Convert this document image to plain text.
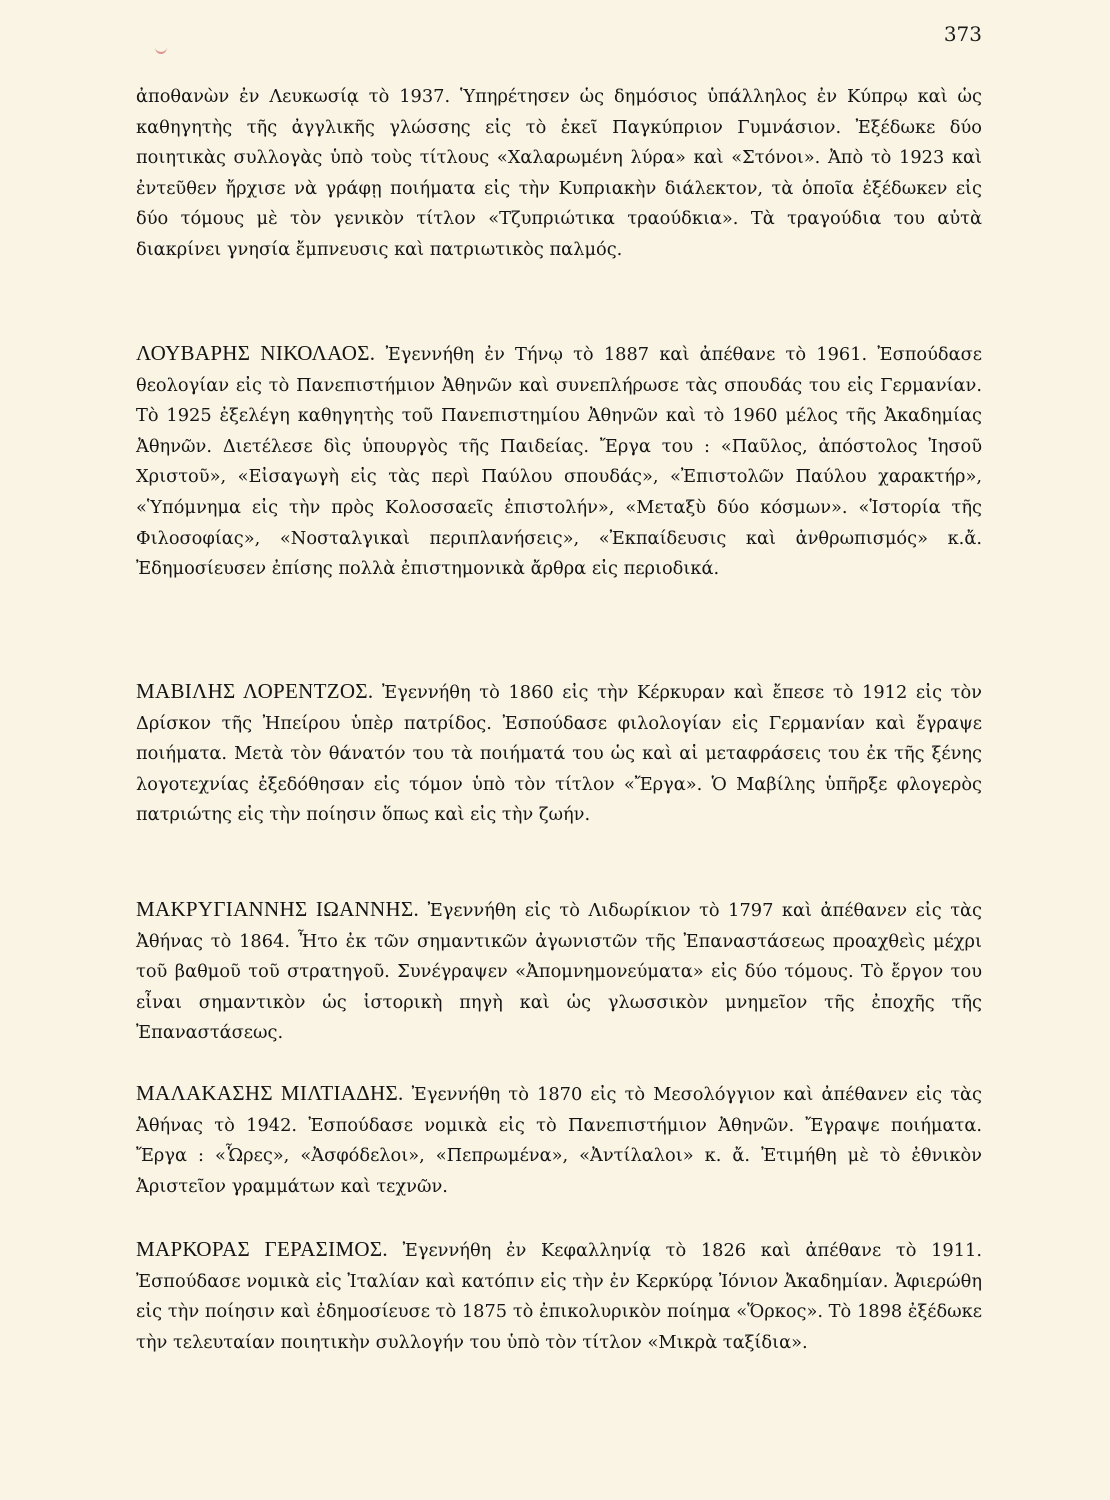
373
ἀποθανὼν ἐν Λευκωσίᾳ τὸ 1937. Ὑπηρέτησεν ὡς δημόσιος ὑπάλληλος ἐν Κύπρῳ καὶ ὡς καθηγητὴς τῆς ἀγγλικῆς γλώσσης εἰς τὸ ἐκεῖ Παγκύπριον Γυμνάσιον. Ἐξέδωκε δύο ποιητικὰς συλλογὰς ὑπὸ τοὺς τίτλους «Χαλαρωμένη λύρα» καὶ «Στόνοι». Ἀπὸ τὸ 1923 καὶ ἐντεῦθεν ἤρχισε νὰ γράφῃ ποιήματα εἰς τὴν Κυπριακὴν διάλεκτον, τὰ ὁποῖα ἐξέδωκεν εἰς δύο τόμους μὲ τὸν γενικὸν τίτλον «Τζυπριώτικα τραούδκια». Τὰ τραγούδια του αὐτὰ διακρίνει γνησία ἔμπνευσις καὶ πατριωτικὸς παλμός.
ΛΟΥΒΑΡΗΣ ΝΙΚΟΛΑΟΣ. Ἐγεννήθη ἐν Τήνῳ τὸ 1887 καὶ ἀπέθανε τὸ 1961. Ἐσπούδασε θεολογίαν εἰς τὸ Πανεπιστήμιον Ἀθηνῶν καὶ συνεπλήρωσε τὰς σπουδάς του εἰς Γερμανίαν. Τὸ 1925 ἐξελέγη καθηγητὴς τοῦ Πανεπιστημίου Ἀθηνῶν καὶ τὸ 1960 μέλος τῆς Ἀκαδημίας Ἀθηνῶν. Διετέλεσε δὶς ὑπουργὸς τῆς Παιδείας. Ἔργα του : «Παῦλος, ἀπόστολος Ἰησοῦ Χριστοῦ», «Εἰσαγωγὴ εἰς τὰς περὶ Παύλου σπουδάς», «Ἐπιστολῶν Παύλου χαρακτήρ», «Ὑπόμνημα εἰς τὴν πρὸς Κολοσσαεῖς ἐπιστολήν», «Μεταξὺ δύο κόσμων». «Ἱστορία τῆς Φιλοσοφίας», «Νοσταλγικαὶ περιπλανήσεις», «Ἐκπαίδευσις καὶ ἀνθρωπισμός» κ.ἄ. Ἐδημοσίευσεν ἐπίσης πολλὰ ἐπιστημονικὰ ἄρθρα εἰς περιοδικά.
ΜΑΒΙΛΗΣ ΛΟΡΕΝΤΖΟΣ. Ἐγεννήθη τὸ 1860 εἰς τὴν Κέρκυραν καὶ ἔπεσε τὸ 1912 εἰς τὸν Δρίσκον τῆς Ἠπείρου ὑπὲρ πατρίδος. Ἐσπούδασε φιλολογίαν εἰς Γερμανίαν καὶ ἔγραψε ποιήματα. Μετὰ τὸν θάνατόν του τὰ ποιήματά του ὡς καὶ αἱ μεταφράσεις του ἐκ τῆς ξένης λογοτεχνίας ἐξεδόθησαν εἰς τόμον ὑπὸ τὸν τίτλον «Ἔργα». Ὁ Μαβίλης ὑπῆρξε φλογερὸς πατριώτης εἰς τὴν ποίησιν ὅπως καὶ εἰς τὴν ζωήν.
ΜΑΚΡΥΓΙΑΝΝΗΣ ΙΩΑΝΝΗΣ. Ἐγεννήθη εἰς τὸ Λιδωρίκιον τὸ 1797 καὶ ἀπέθανεν εἰς τὰς Ἀθήνας τὸ 1864. Ἦτο ἐκ τῶν σημαντικῶν ἀγωνιστῶν τῆς Ἐπαναστάσεως προαχθεὶς μέχρι τοῦ βαθμοῦ τοῦ στρατηγοῦ. Συνέγραψεν «Ἀπομνημονεύματα» εἰς δύο τόμους. Τὸ ἔργον του εἶναι σημαντικὸν ὡς ἱστορικὴ πηγὴ καὶ ὡς γλωσσικὸν μνημεῖον τῆς ἐποχῆς τῆς Ἐπαναστάσεως.
ΜΑΛΑΚΑΣΗΣ ΜΙΛΤΙΑΔΗΣ. Ἐγεννήθη τὸ 1870 εἰς τὸ Μεσολόγγιον καὶ ἀπέθανεν εἰς τὰς Ἀθήνας τὸ 1942. Ἐσπούδασε νομικὰ εἰς τὸ Πανεπιστήμιον Ἀθηνῶν. Ἔγραψε ποιήματα. Ἔργα : «Ὧρες», «Ἀσφόδελοι», «Πεπρωμένα», «Ἀντίλαλοι» κ. ἄ. Ἐτιμήθη μὲ τὸ ἐθνικὸν Ἀριστεῖον γραμμάτων καὶ τεχνῶν.
ΜΑΡΚΟΡΑΣ ΓΕΡΑΣΙΜΟΣ. Ἐγεννήθη ἐν Κεφαλληνίᾳ τὸ 1826 καὶ ἀπέθανε τὸ 1911. Ἐσπούδασε νομικὰ εἰς Ἰταλίαν καὶ κατόπιν εἰς τὴν ἐν Κερκύρᾳ Ἰόνιον Ἀκαδημίαν. Ἀφιερώθη εἰς τὴν ποίησιν καὶ ἐδημοσίευσε τὸ 1875 τὸ ἐπικολυρικὸν ποίημα «Ὅρκος». Τὸ 1898 ἐξέδωκε τὴν τελευταίαν ποιητικὴν συλλογήν του ὑπὸ τὸν τίτλον «Μικρὰ ταξίδια».
